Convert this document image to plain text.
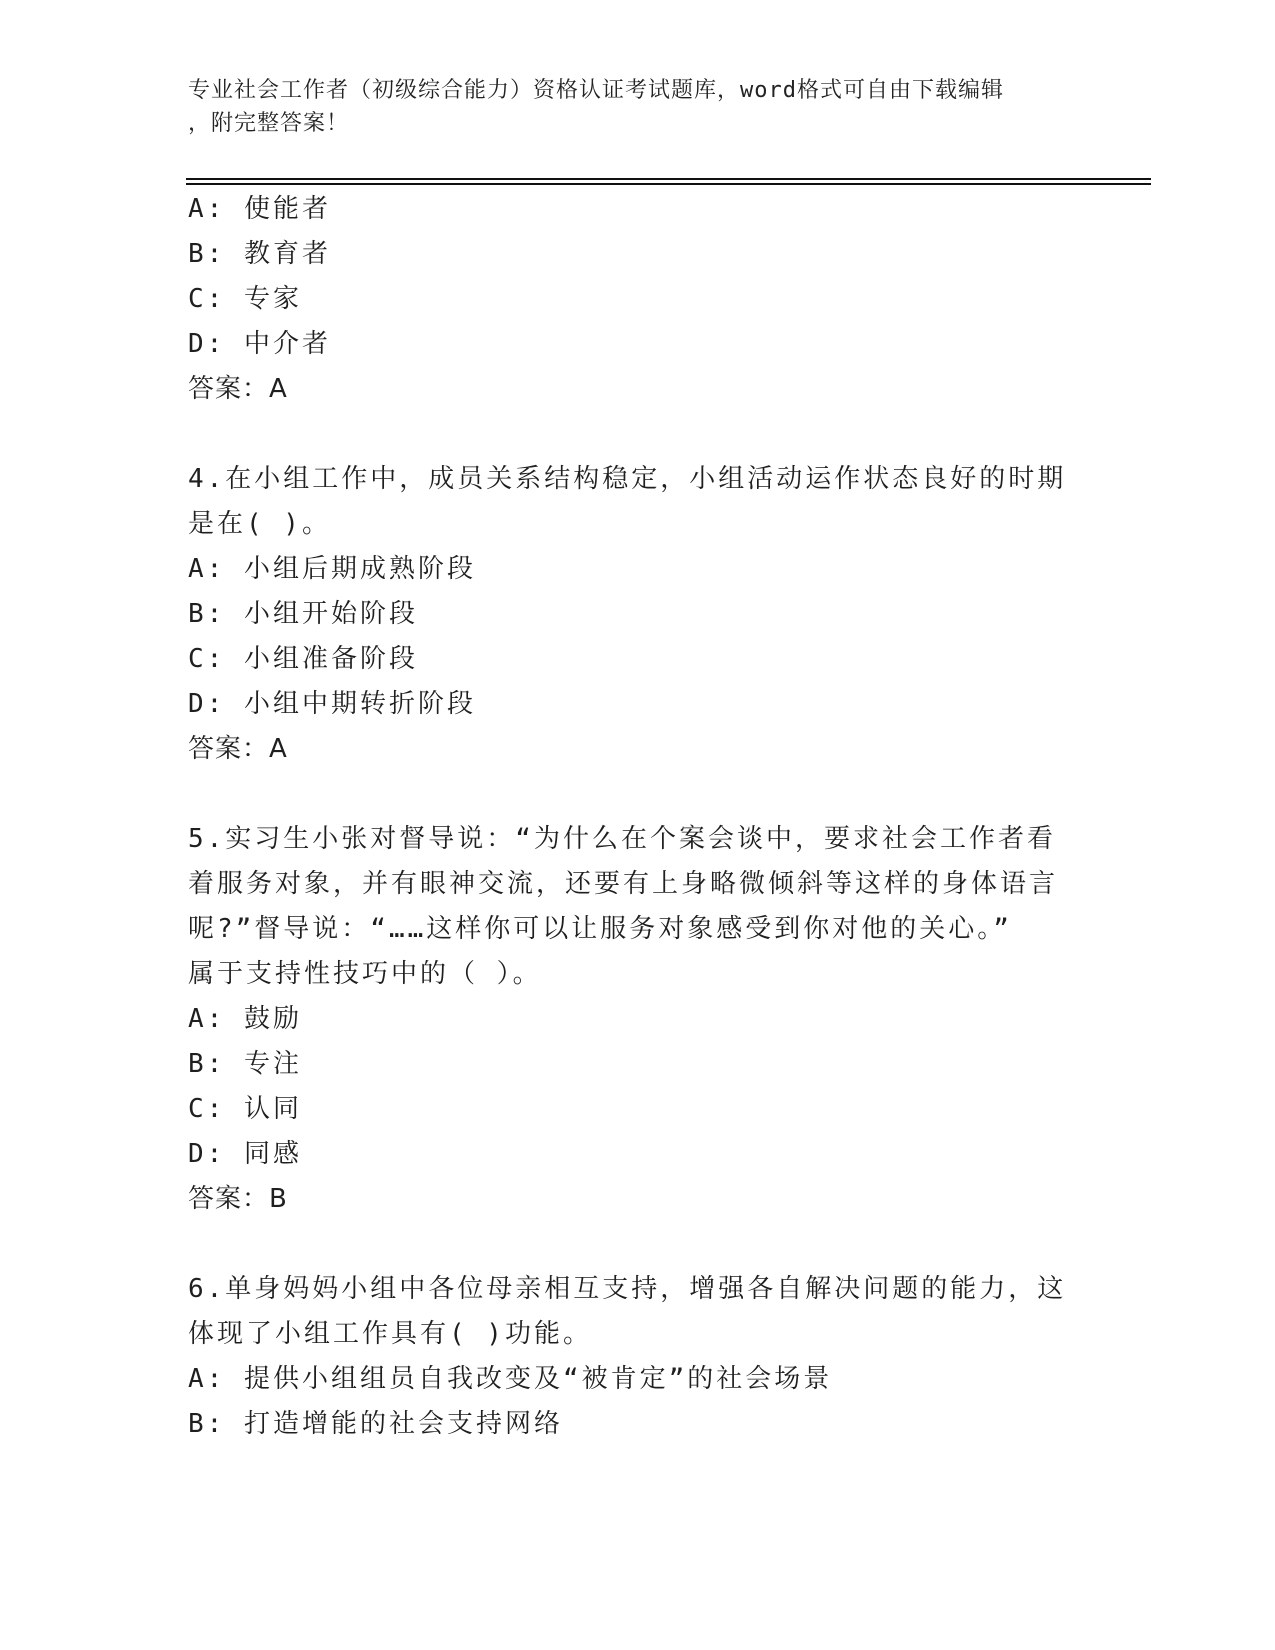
专业社会工作者（初级综合能力）资格认证考试题库，word格式可自由下载编辑
，附完整答案！
A: 使能者
B: 教育者
C: 专家
D: 中介者
答案：A
4.在小组工作中，成员关系结构稳定，小组活动运作状态良好的时期
是在( )。
A: 小组后期成熟阶段
B: 小组开始阶段
C: 小组准备阶段
D: 小组中期转折阶段
答案：A
5.实习生小张对督导说：“为什么在个案会谈中，要求社会工作者看
着服务对象，并有眼神交流，还要有上身略微倾斜等这样的身体语言
呢?”督导说：“……这样你可以让服务对象感受到你对他的关心。”
属于支持性技巧中的（ ）。
A: 鼓励
B: 专注
C: 认同
D: 同感
答案：B
6.单身妈妈小组中各位母亲相互支持，增强各自解决问题的能力，这
体现了小组工作具有( )功能。
A: 提供小组组员自我改变及“被肯定”的社会场景
B: 打造增能的社会支持网络
